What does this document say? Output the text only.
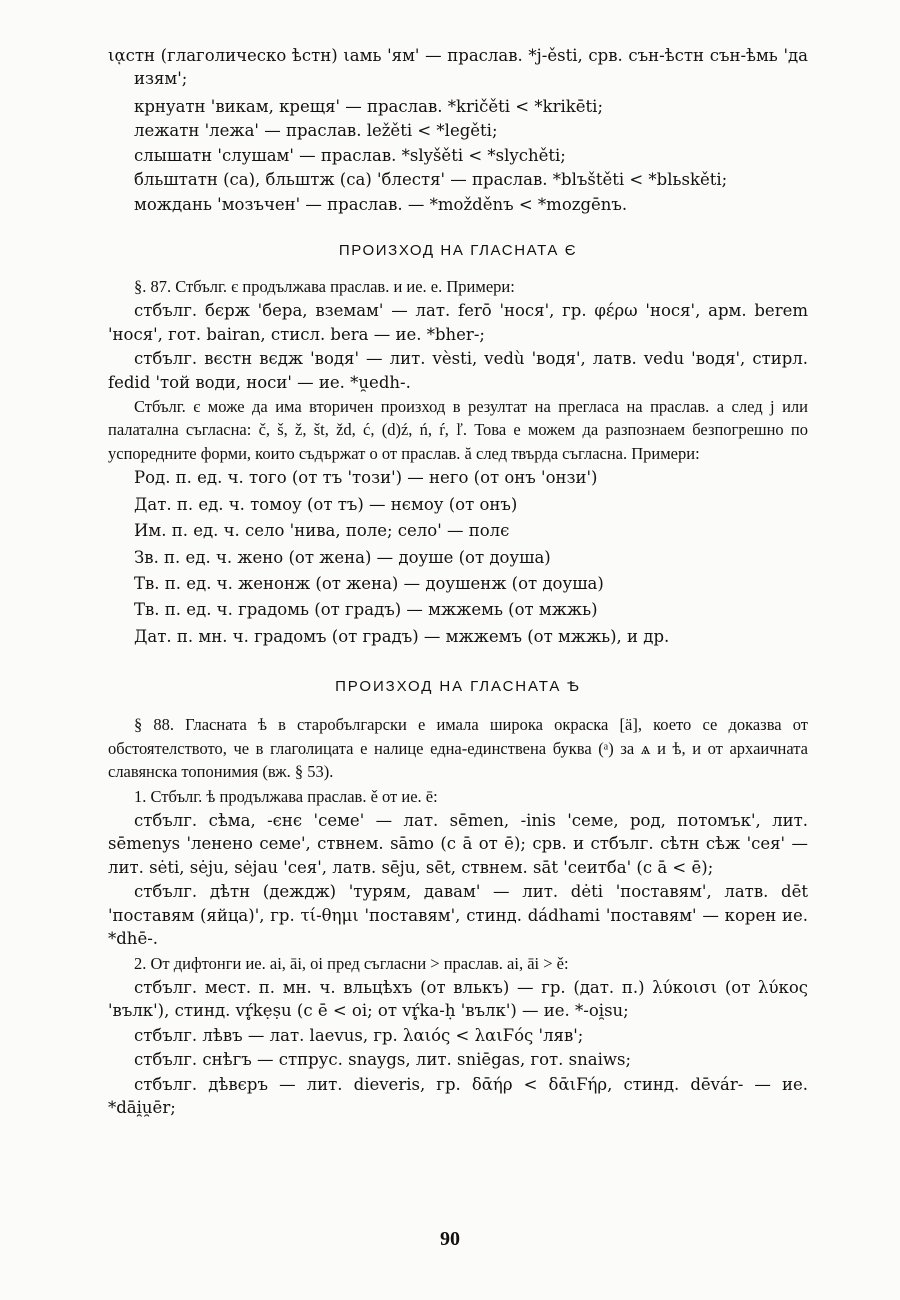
ιᾳстн (глаголическо ѣстн) ιамь 'ям' — праслав. *j-ěsti, срв. сън-ѣстн сън-ѣмь 'да изям';

крнуатн 'викам, крещя' — праслав. *kričěti < *krikēti;

лежатн 'лежа' — праслав. ležěti < *legěti;

слышатн 'слушам' — праслав. *slyšěti < *slychěti;

бльштатн (са), бльштж (са) 'блестя' — праслав. *blъštěti < *blьskěti;

мождань 'мозъчен' — праслав. — *možděnъ < *mozgēnъ.

ПРОИЗХОД НА ГЛАСНАТА Є

§. 87. Стбълг. є продължава праслав. и ие. е. Примери:

стбълг. бєрж 'бера, вземам' — лат. ferō 'нося', гр. φέρω 'нося', арм. berem 'нося', гот. bairan, стисл. bera — ие. *bher-;

стбълг. вєстн вєдж 'водя' — лит. vèsti, vedù 'водя', латв. vedu 'водя', стирл. fedid 'той води, носи' — ие. *u̯edh-.

Стбълг. є може да има вторичен произход в резултат на прегласа на праслав. а след j или палатална съгласна: č, š, ž, št, žd, ć, (d)ź, ń, ŕ, ľ. Това е можем да разпознаем безпогрешно по успоредните форми, които съдържат о от праслав. ă след твърда съгласна. Примери:

Род. п. ед. ч. того (от тъ 'този') — него (от онъ 'онзи')

Дат. п. ед. ч. томоу (от тъ) — нємоу (от онъ)

Им. п. ед. ч. село 'нива, поле; село' — полє

Зв. п. ед. ч. жено (от жена) — доуше (от доуша)

Тв. п. ед. ч. женонж (от жена) — доушенж (от доуша)

Тв. п. ед. ч. градомь (от градъ) — мжжемь (от мжжь)

Дат. п. мн. ч. градомъ (от градъ) — мжжемъ (от мжжь), и др.

ПРОИЗХОД НА ГЛАСНАТА Ѣ

§ 88. Гласната ѣ в старобългарски е имала широка окраска [ä], което се доказва от обстоятелството, че в глаголицата е налице една-единствена буква (ᵃ) за ѧ и ѣ, и от архаичната славянска топонимия (вж. § 53).

1. Стбълг. ѣ продължава праслав. ě от ие. ē:

стбълг. сѣма, -єнє 'семе' — лат. sēmen, -inis 'семе, род, потомък', лит. sēmenys 'ленено семе', ствнем. sāmo (с ā от ē); срв. и стбълг. сѣтн сѣж 'сея' — лит. sėti, sėju, sėjau 'сея', латв. sēju, sēt, ствнем. sāt 'сеитба' (с ā < ē);

стбълг. дѣтн (деждж) 'турям, давам' — лит. dėti 'поставям', латв. dēt 'поставям (яйца)', гр. τί-θημι 'поставям', стинд. dádhami 'поставям' — корен ие. *dhē-.

2. От дифтонги ие. ai, āi, oi пред съгласни > праслав. ai, āi > ě:

стбълг. мест. п. мн. ч. вльцѣхъ (от влькъ) — гр. (дат. п.) λύκοισι (от λύκος 'вълк'), стинд. vŕ̥kẹṣu (с ē < oi; от vŕ̥ka-ḥ 'вълк') — ие. *-oi̯su;

стбълг. лѣвъ — лат. laevus, гр. λαιός < λαιϜός 'ляв';

стбълг. снѣгъ — стпрус. snaygs, лит. sniēgas, гот. snaiws;

стбълг. дѣвєръ — лит. dieveris, гр. δᾱήρ < δᾱιϜήρ, стинд. dēvár- — ие. *dāi̯u̯ēr;

90
